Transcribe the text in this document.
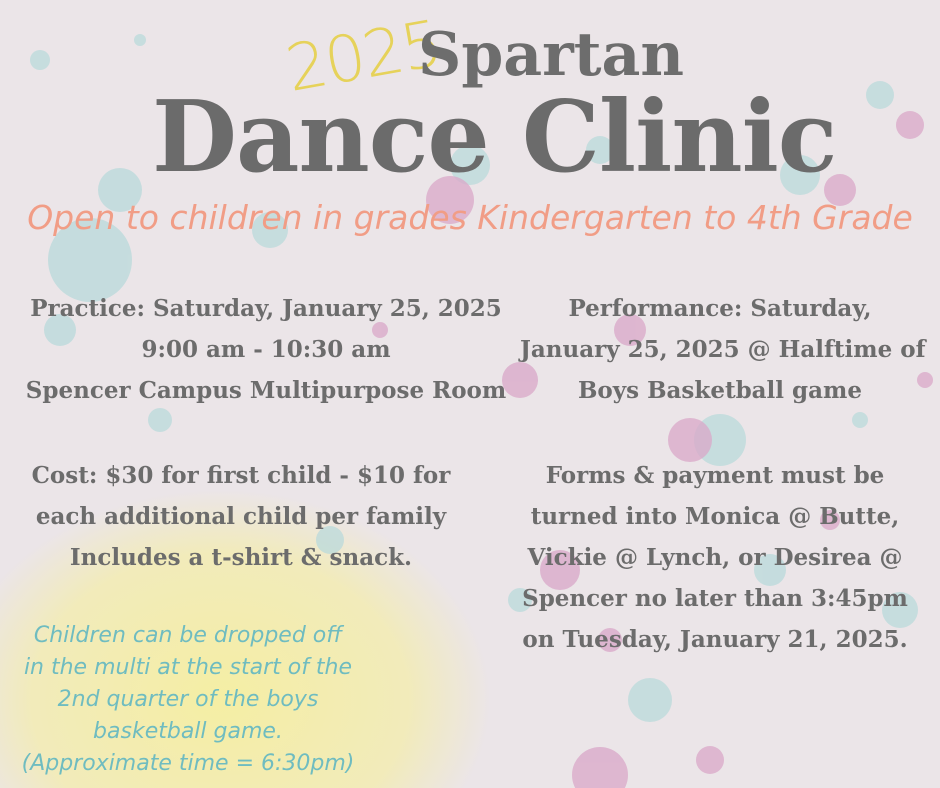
2025
Spartan
Dance Clinic
Open to children in grades Kindergarten to 4th Grade
Practice: Saturday, January 25, 2025
9:00 am - 10:30 am
Spencer Campus Multipurpose Room
Performance: Saturday,
January 25, 2025 @ Halftime of
Boys Basketball game
Cost: $30 for first child - $10 for
each additional child per family
Includes a t-shirt & snack.
Forms & payment must be
turned into Monica @ Butte,
Vickie @ Lynch, or Desirea @
Spencer no later than 3:45pm
on Tuesday, January 21, 2025.
Children can be dropped off
in the multi at the start of the
2nd quarter of the boys
basketball game.
(Approximate time = 6:30pm)
